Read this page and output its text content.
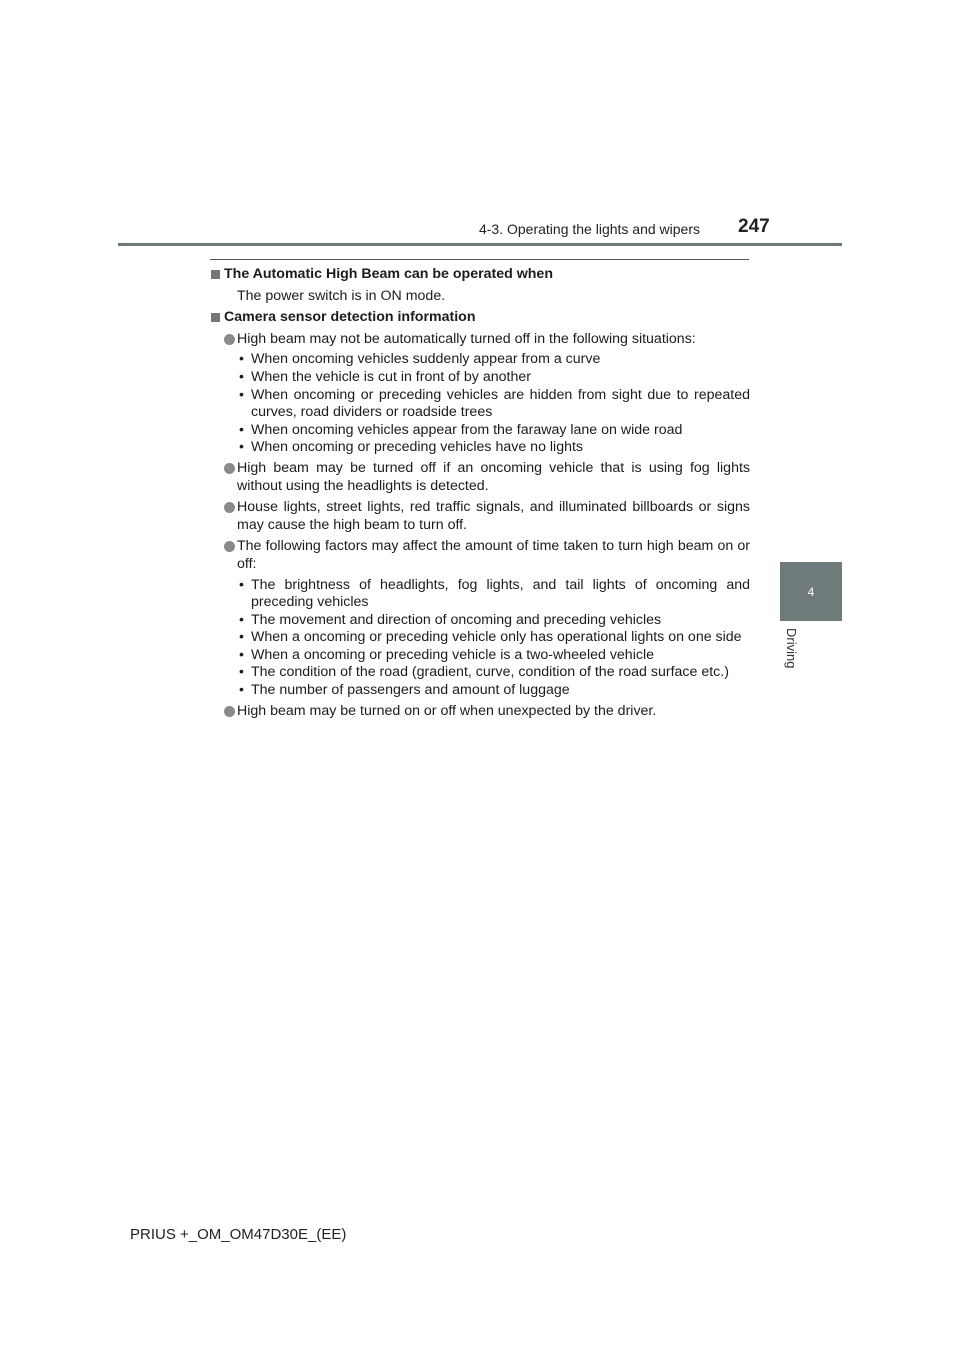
4-3. Operating the lights and wipers 247
4
Driving
The Automatic High Beam can be operated when
The power switch is in ON mode.
Camera sensor detection information
High beam may not be automatically turned off in the following situations:
• When oncoming vehicles suddenly appear from a curve
• When the vehicle is cut in front of by another
• When oncoming or preceding vehicles are hidden from sight due to repeated curves, road dividers or roadside trees
• When oncoming vehicles appear from the faraway lane on wide road
• When oncoming or preceding vehicles have no lights
High beam may be turned off if an oncoming vehicle that is using fog lights without using the headlights is detected.
House lights, street lights, red traffic signals, and illuminated billboards or signs may cause the high beam to turn off.
The following factors may affect the amount of time taken to turn high beam on or off:
• The brightness of headlights, fog lights, and tail lights of oncoming and preceding vehicles
• The movement and direction of oncoming and preceding vehicles
• When a oncoming or preceding vehicle only has operational lights on one side
• When a oncoming or preceding vehicle is a two-wheeled vehicle
• The condition of the road (gradient, curve, condition of the road surface etc.)
• The number of passengers and amount of luggage
High beam may be turned on or off when unexpected by the driver.
PRIUS +_OM_OM47D30E_(EE)
